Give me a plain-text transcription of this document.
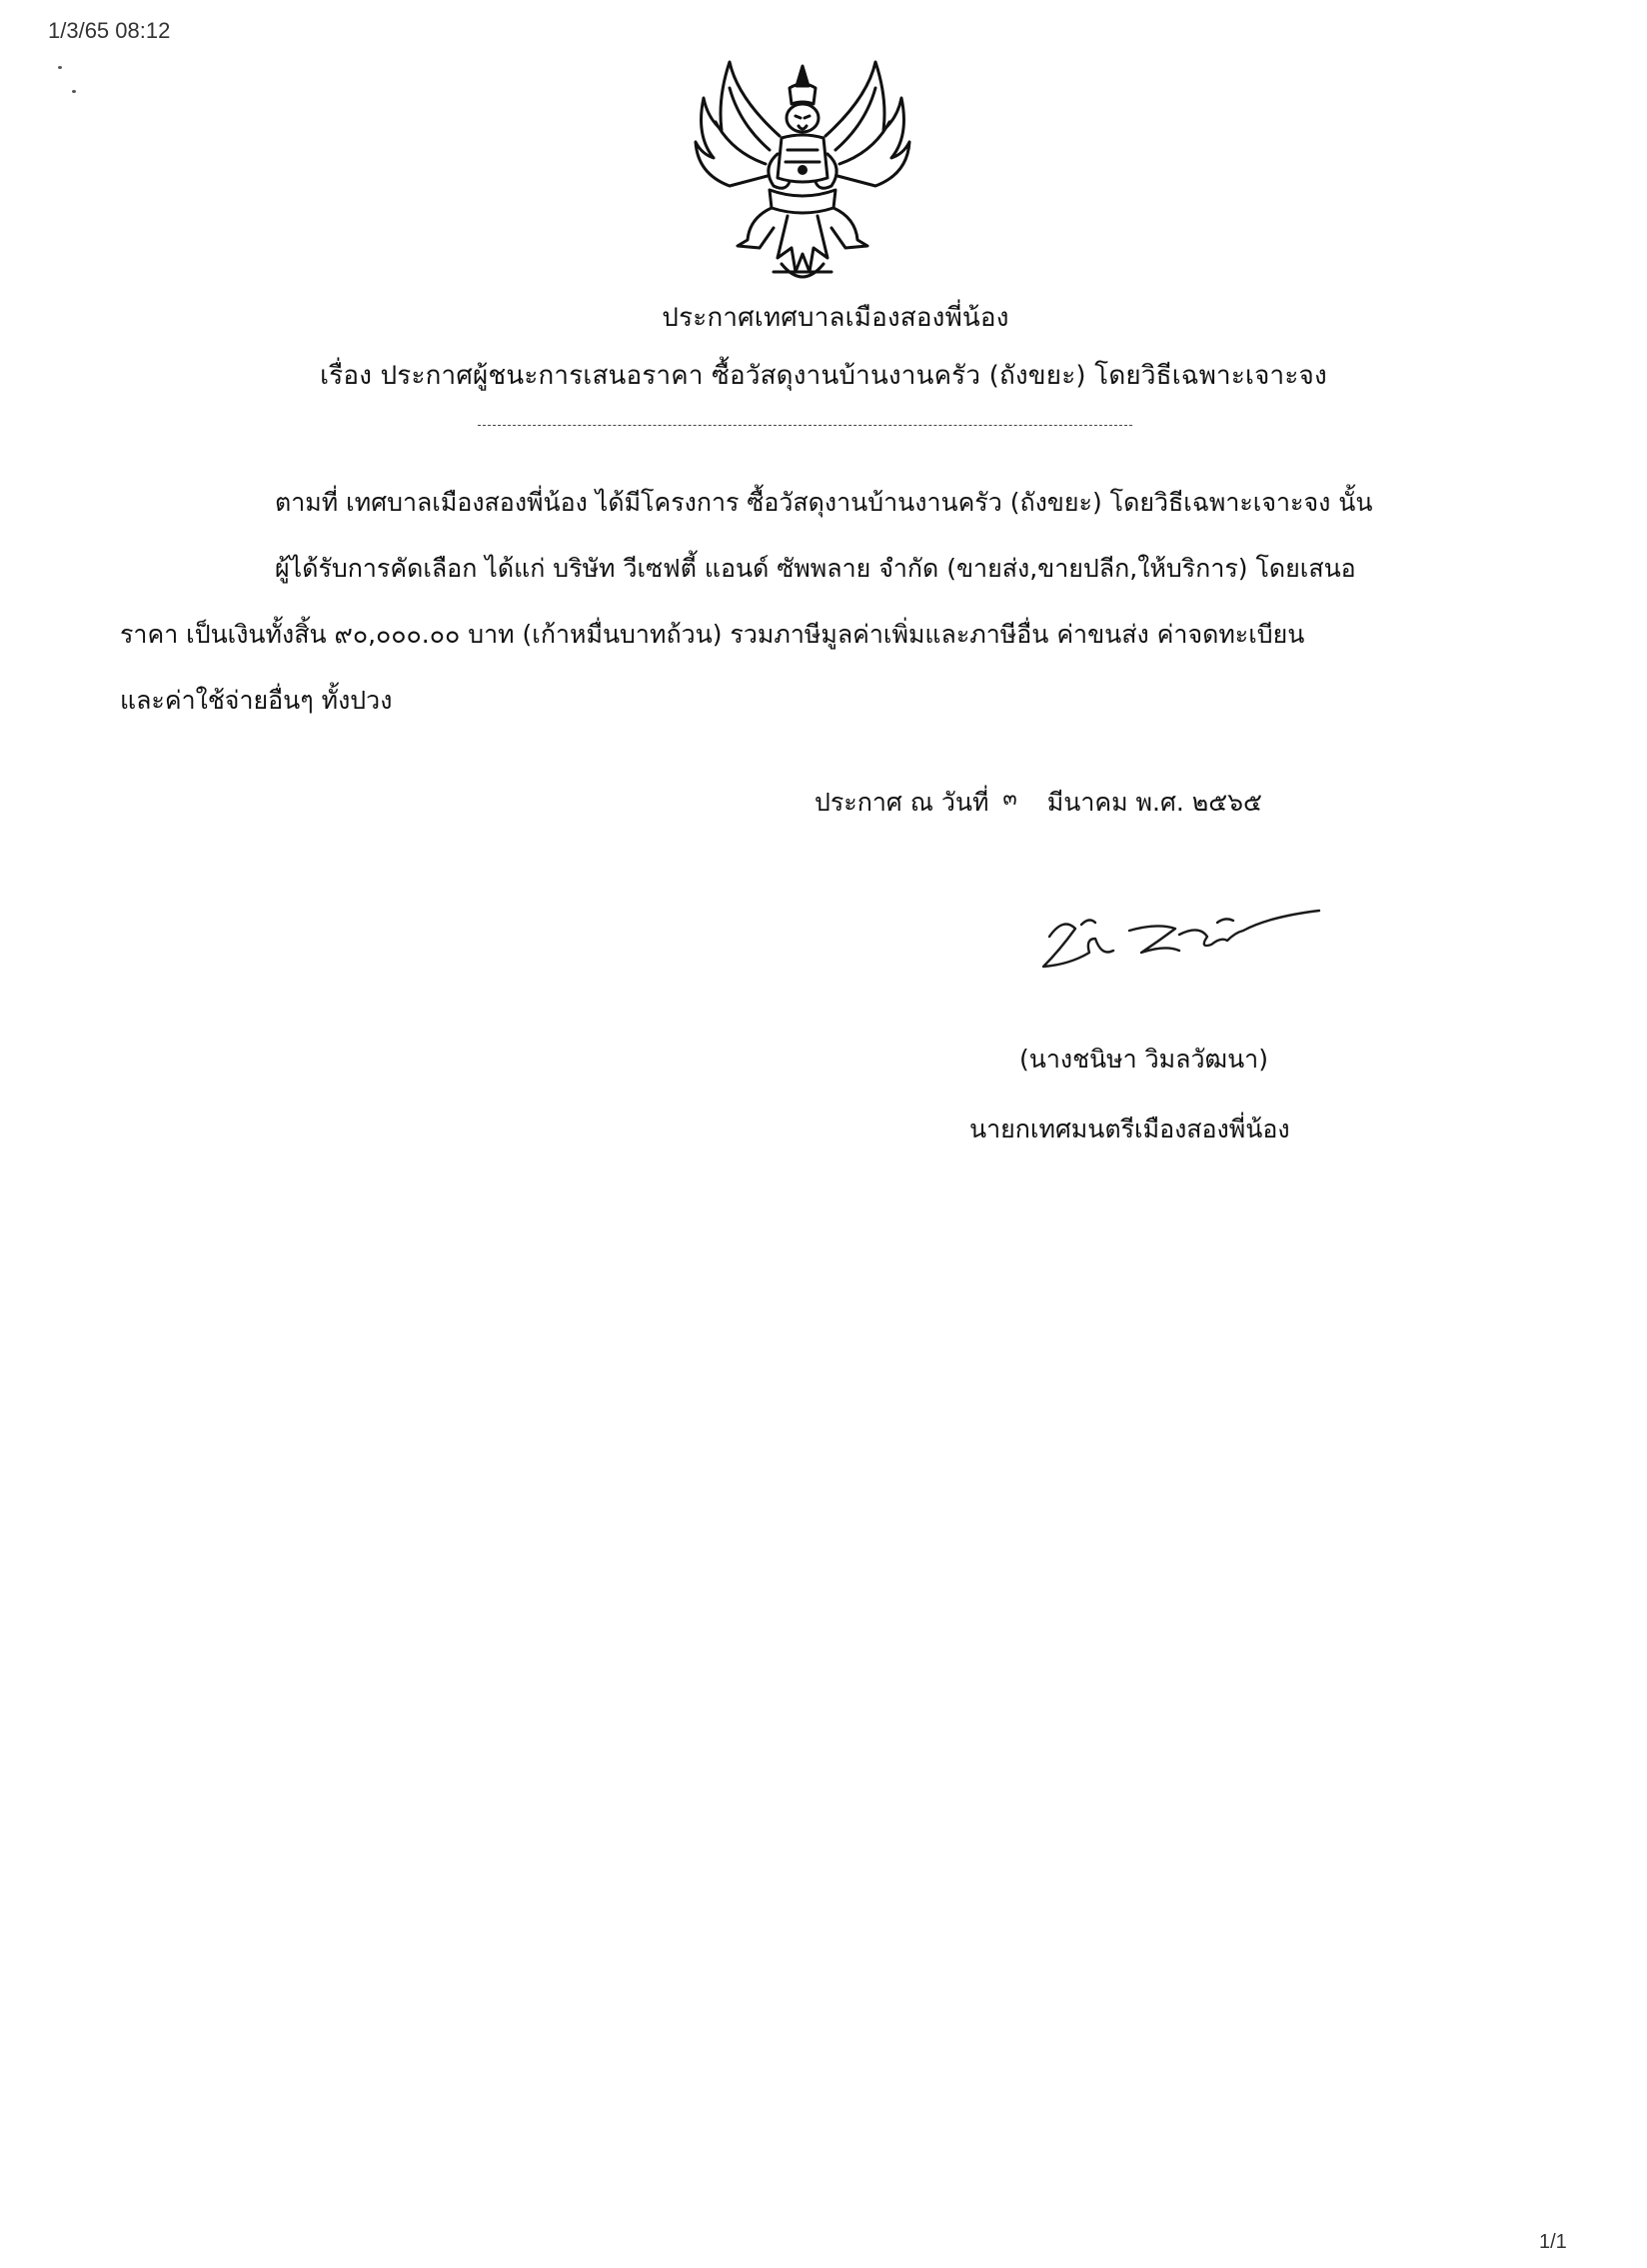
1/3/65 08:12
ประกาศเทศบาลเมืองสองพี่น้อง
เรื่อง ประกาศผู้ชนะการเสนอราคา ซื้อวัสดุงานบ้านงานครัว (ถังขยะ) โดยวิธีเฉพาะเจาะจง
ตามที่ เทศบาลเมืองสองพี่น้อง ได้มีโครงการ ซื้อวัสดุงานบ้านงานครัว (ถังขยะ) โดยวิธีเฉพาะเจาะจง นั้น
ผู้ได้รับการคัดเลือก ได้แก่ บริษัท วีเซฟตี้ แอนด์ ซัพพลาย จำกัด (ขายส่ง,ขายปลีก,ให้บริการ) โดยเสนอ
ราคา เป็นเงินทั้งสิ้น ๙๐,๐๐๐.๐๐ บาท (เก้าหมื่นบาทถ้วน) รวมภาษีมูลค่าเพิ่มและภาษีอื่น ค่าขนส่ง ค่าจดทะเบียน
และค่าใช้จ่ายอื่นๆ ทั้งปวง
ประกาศ ณ วันที่ $^๓$ มีนาคม พ.ศ. ๒๕๖๕
(นางชนิษา วิมลวัฒนา)
นายกเทศมนตรีเมืองสองพี่น้อง
1/1
